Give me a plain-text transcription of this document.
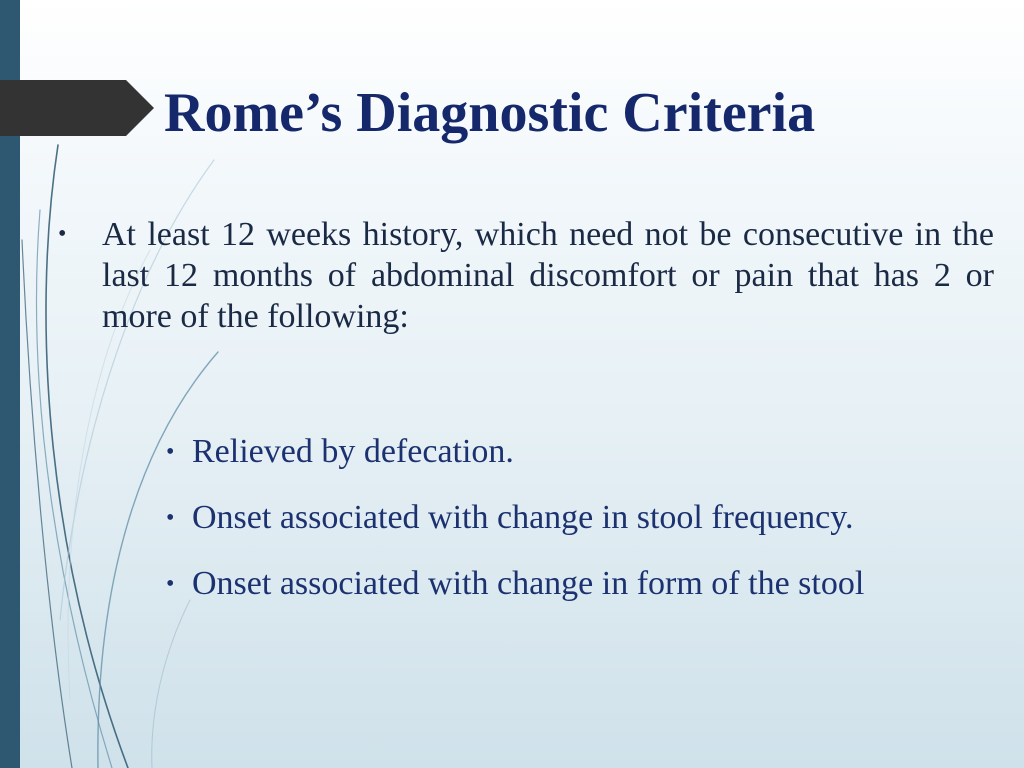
Rome’s Diagnostic Criteria
• At least 12 weeks history, which need not be consecutive in the last 12 months of abdominal discomfort or pain that has 2 or more of the following:
• Relieved by defecation.
• Onset associated with change in stool frequency.
• Onset associated with change in form of the stool
